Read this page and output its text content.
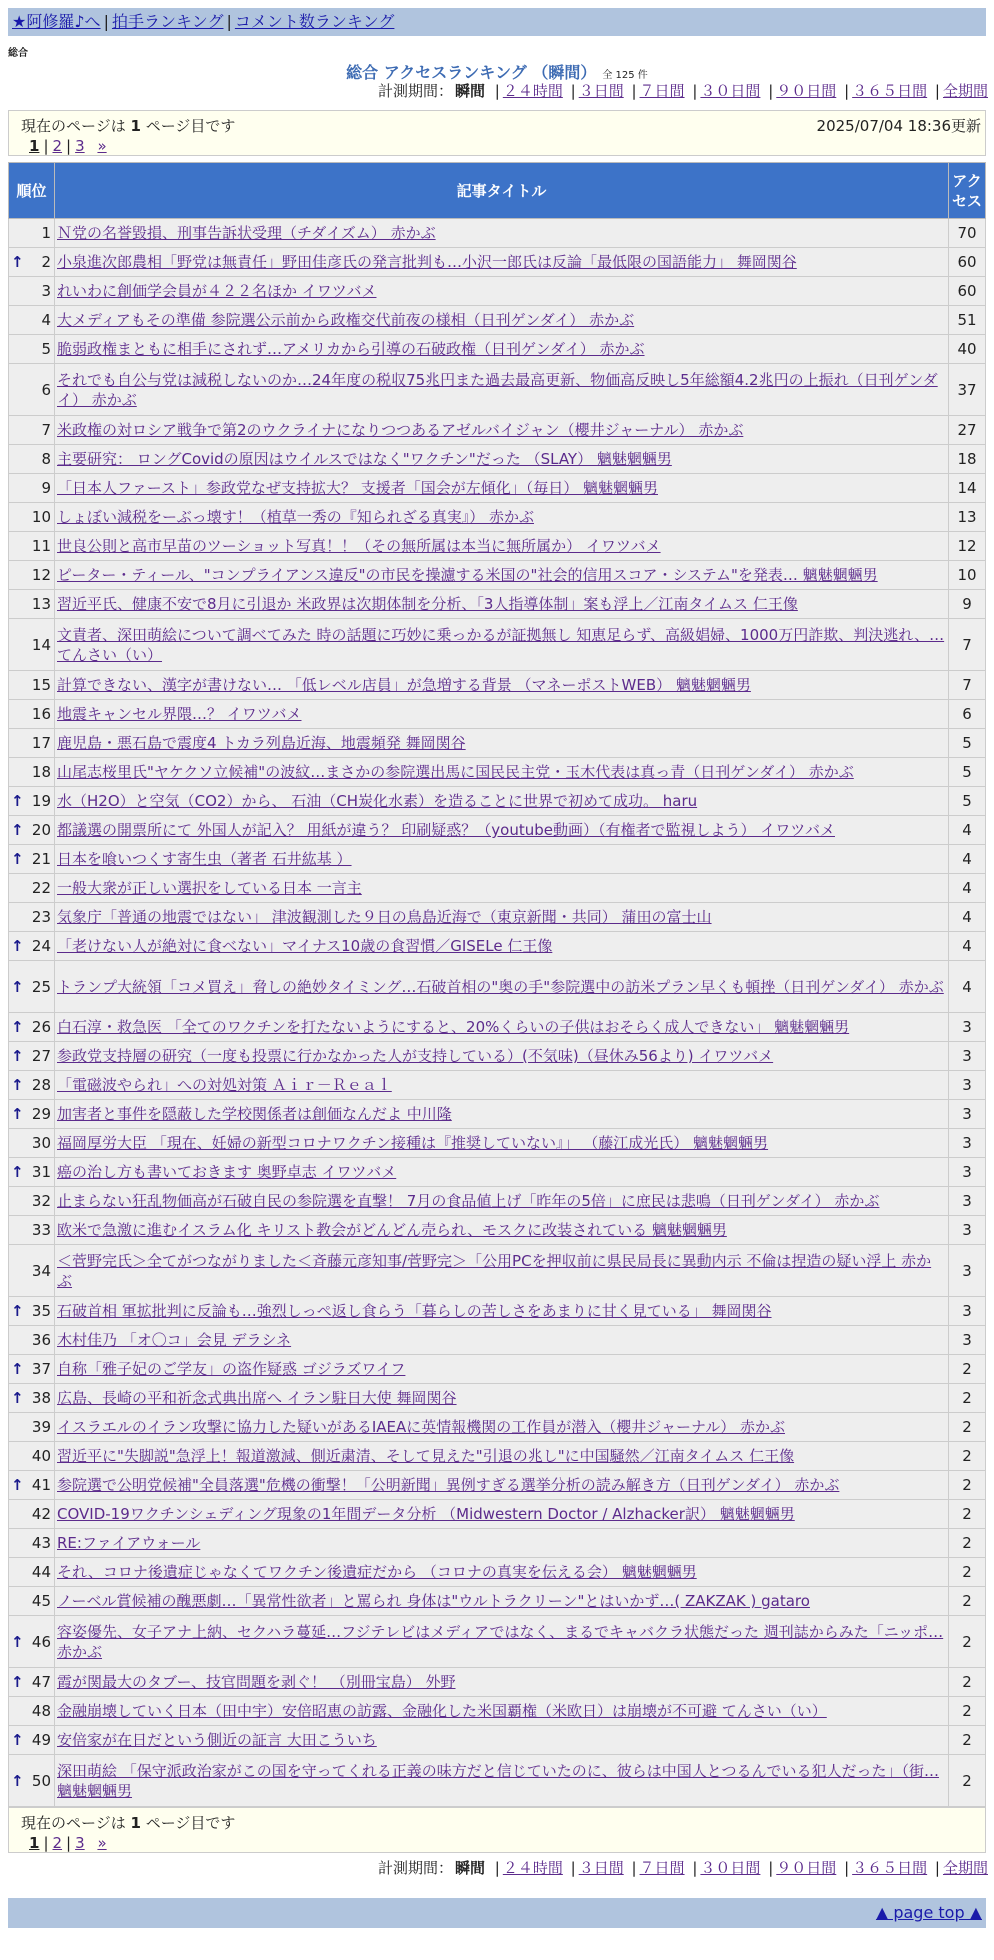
★阿修羅♪へ | 拍手ランキング | コメント数ランキング
総合
総合 アクセスランキング （瞬間） 全 125 件
計測期間： 瞬間 | ２４時間 | ３日間 | ７日間 | ３０日間 | ９０日間 | ３６５日間 | 全期間
現在のページは 1 ページ目です	2025/07/04 18:36更新
1 | 2 | 3 »
順位	記事タイトル	アクセス
1	Ｎ党の名誉毀損、刑事告訴状受理（チダイズム） 赤かぶ	70

↑ 2	小泉進次郎農相「野党は無責任」野田佳彦氏の発言批判も…小沢一郎氏は反論「最低限の国語能力」 舞岡関谷	60
3	れいわに創価学会員が４２２名ほか イワツバメ	60
4	大メディアもその準備 参院選公示前から政権交代前夜の様相（日刊ゲンダイ） 赤かぶ	51
5	脆弱政権まともに相手にされず…アメリカから引導の石破政権（日刊ゲンダイ） 赤かぶ	40
6	それでも自公与党は減税しないのか…24年度の税収75兆円また過去最高更新、物価高反映し5年総額4.2兆円の上振れ（日刊ゲンダイ） 赤かぶ	37
7	米政権の対ロシア戦争で第2のウクライナになりつつあるアゼルバイジャン（櫻井ジャーナル） 赤かぶ	27
8	主要研究： ロングCovidの原因はウイルスではなく"ワクチン"だった （SLAY） 魑魅魍魎男	18
9	「日本人ファースト」参政党なぜ支持拡大？ 支援者「国会が左傾化」（毎日） 魑魅魍魎男	14
10	しょぼい減税をーぶっ壊す！（植草一秀の『知られざる真実』） 赤かぶ	13
11	世良公則と高市早苗のツーショット写真！！（その無所属は本当に無所属か） イワツバメ	12
12	ピーター・ティール、"コンプライアンス違反"の市民を操濾する米国の"社会的信用スコア・システム"を発表… 魑魅魍魎男	10
13	習近平氏、健康不安で8月に引退か 米政界は次期体制を分析、「3人指導体制」案も浮上／江南タイムス 仁王像	9
14	文責者、深田萌絵について調べてみた 時の話題に巧妙に乗っかるが証拠無し 知恵足らず、高級娼婦、1000万円詐欺、判決逃れ、… てんさい（い）	7
15	計算できない、漢字が書けない… 「低レベル店員」が急増する背景 （マネーポストWEB） 魑魅魍魎男	7
16	地震キャンセル界隈…？ イワツバメ	6
17	鹿児島・悪石島で震度4 トカラ列島近海、地震頻発 舞岡関谷	5
18	山尾志桜里氏"ヤケクソ立候補"の波紋…まさかの参院選出馬に国民民主党・玉木代表は真っ青（日刊ゲンダイ） 赤かぶ	5

↑ 19	水（H2O）と空気（CO2）から、 石油（CH炭化水素）を造ることに世界で初めて成功。 haru	5

↑ 20	都議選の開票所にて 外国人が記入？ 用紙が違う？ 印刷疑惑？（youtube動画）（有権者で監視しよう） イワツバメ	4

↑ 21	日本を喰いつくす寄生虫（著者 石井紘基 ）	4
22	一般大衆が正しい選択をしている日本 一言主	4
23	気象庁「普通の地震ではない」 津波観測した９日の鳥島近海で（東京新聞・共同） 蒲田の富士山	4

↑ 24	「老けない人が絶対に食べない」マイナス10歳の食習慣／GISELe 仁王像	4

↑ 25	トランプ大統領「コメ買え」脅しの絶妙タイミング…石破首相の"奥の手"参院選中の訪米プラン早くも頓挫（日刊ゲンダイ） 赤かぶ	4

↑ 26	白石淳・救急医 「全てのワクチンを打たないようにすると、20%くらいの子供はおそらく成人できない」 魑魅魍魎男	3

↑ 27	参政党支持層の研究（一度も投票に行かなかった人が支持している）(不気味)（昼休み56より) イワツバメ	3

↑ 28	「電磁波やられ」への対処対策 Ａｉｒ－Ｒｅａｌ	3

↑ 29	加害者と事件を隠蔽した学校関係者は創価なんだよ 中川隆	3
30	福岡厚労大臣 「現在、妊婦の新型コロナワクチン接種は『推奨していない』」 （藤江成光氏） 魑魅魍魎男	3

↑ 31	癌の治し方も書いておきます 奥野卓志 イワツバメ	3
32	止まらない狂乱物価高が石破自民の参院選を直撃！ 7月の食品値上げ「昨年の5倍」に庶民は悲鳴（日刊ゲンダイ） 赤かぶ	3
33	欧米で急激に進むイスラム化 キリスト教会がどんどん売られ、モスクに改装されている 魑魅魍魎男	3
34	＜菅野完氏＞全てがつながりました＜斉藤元彦知事/菅野完＞「公用PCを押収前に県民局長に異動内示 不倫は捏造の疑い浮上 赤かぶ	3

↑ 35	石破首相 軍拡批判に反論も…強烈しっぺ返し食らう「暮らしの苦しさをあまりに甘く見ている」 舞岡関谷	3
36	木村佳乃 「オ〇コ」会見 デラシネ	3

↑ 37	自称「雅子妃のご学友」の盗作疑惑 ゴジラズワイフ	2

↑ 38	広島、長崎の平和祈念式典出席へ イラン駐日大使 舞岡関谷	2
39	イスラエルのイラン攻撃に協力した疑いがあるIAEAに英情報機関の工作員が潜入（櫻井ジャーナル） 赤かぶ	2
40	習近平に"失脚説"急浮上！報道激減、側近粛清、そして見えた"引退の兆し"に中国騒然／江南タイムス 仁王像	2

↑ 41	参院選で公明党候補"全員落選"危機の衝撃！「公明新聞」異例すぎる選挙分析の読み解き方（日刊ゲンダイ） 赤かぶ	2
42	COVID-19ワクチンシェディング現象の1年間データ分析 （Midwestern Doctor / Alzhacker訳） 魑魅魍魎男	2
43	RE:ファイアウォール	2
44	それ、コロナ後遺症じゃなくてワクチン後遺症だから （コロナの真実を伝える会） 魑魅魍魎男	2
45	ノーベル賞候補の醜悪劇…「異常性欲者」と罵られ 身体は"ウルトラクリーン"とはいかず…( ZAKZAK ) gataro	2

↑ 46	容姿優先、女子アナ上納、セクハラ蔓延…フジテレビはメディアではなく、まるでキャバクラ状態だった 週刊誌からみた「ニッポ… 赤かぶ	2

↑ 47	霞が関最大のタブー、技官問題を剥ぐ！ （別冊宝島） 外野	2
48	金融崩壊していく日本（田中宇）安倍昭恵の訪露、金融化した米国覇権（米欧日）は崩壊が不可避 てんさい（い）	2

↑ 49	安倍家が在日だという側近の証言 大田こういち	2

↑ 50	深田萌絵 「保守派政治家がこの国を守ってくれる正義の味方だと信じていたのに、彼らは中国人とつるんでいる犯人だった」（街… 魑魅魍魎男	2
現在のページは 1 ページ目です
1 | 2 | 3 »
計測期間： 瞬間 | ２４時間 | ３日間 | ７日間 | ３０日間 | ９０日間 | ３６５日間 | 全期間
▲ page top ▲
